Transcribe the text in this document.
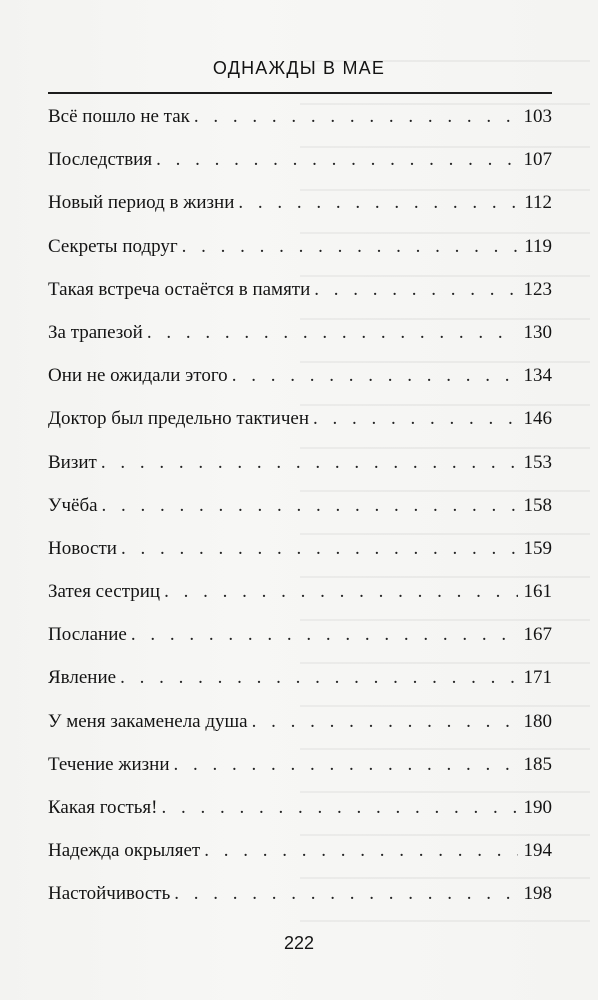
ОДНАЖДЫ В МАЕ
Всё пошло не так . . .	103
Последствия . . .	107
Новый период в жизни . . .	112
Секреты подруг . . .	119
Такая встреча остаётся в памяти . . .	123
За трапезой . . .	130
Они не ожидали этого . . .	134
Доктор был предельно тактичен . . .	146
Визит . . .	153
Учёба . . .	158
Новости . . .	159
Затея сестриц . . .	161
Послание . . .	167
Явление . . .	171
У меня закаменела душа . . .	180
Течение жизни . . .	185
Какая гостья! . . .	190
Надежда окрыляет . . .	194
Настойчивость . . .	198
222
